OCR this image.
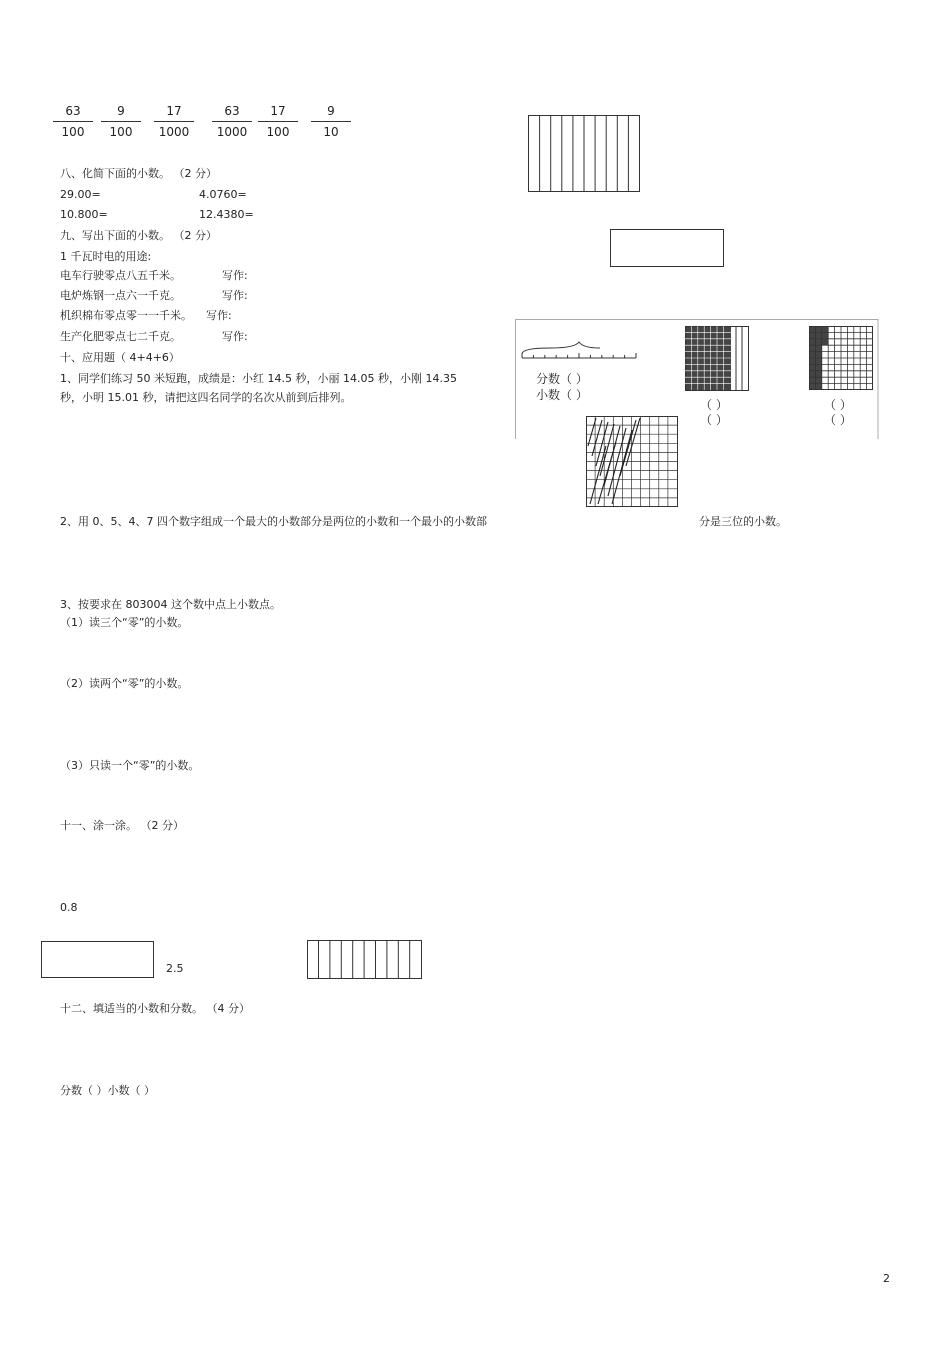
$\frac{63}{100} \frac{9}{100} \frac{17}{1000} \frac{63}{1000} \frac{17}{100} \frac{9}{10}$
八、化简下面的小数。 （2 分）
29.00=	4.0760=
10.800=	12.4380=
九、写出下面的小数。 （2 分）
1 千瓦时电的用途:
电车行驶零点八五千米。	写作:
电炉炼钢一点六一千克。	写作:
机织棉布零点零一一千米。 写作:
生产化肥零点七二千克。	写作:
十、应用题（ 4+4+6）
1、同学们练习 50 米短跑，成绩是：小红 14.5 秒，小丽 14.05 秒，小刚 14.35
秒，小明 15.01 秒，请把这四名同学的名次从前到后排列。
分数（ ）
小数（ ）
（ ）
（ ）
（ ）
（ ）
2、用 0、5、4、7 四个数字组成一个最大的小数部分是两位的小数和一个最小的小数部	分是三位的小数。
3、按要求在 803004 这个数中点上小数点。
（1）读三个“零”的小数。
（2）读两个“零”的小数。
（3）只读一个“零”的小数。
十一、涂一涂。 （2 分）
0.8
2.5
十二、填适当的小数和分数。 （4 分）
分数（ ）小数（ ）
2
